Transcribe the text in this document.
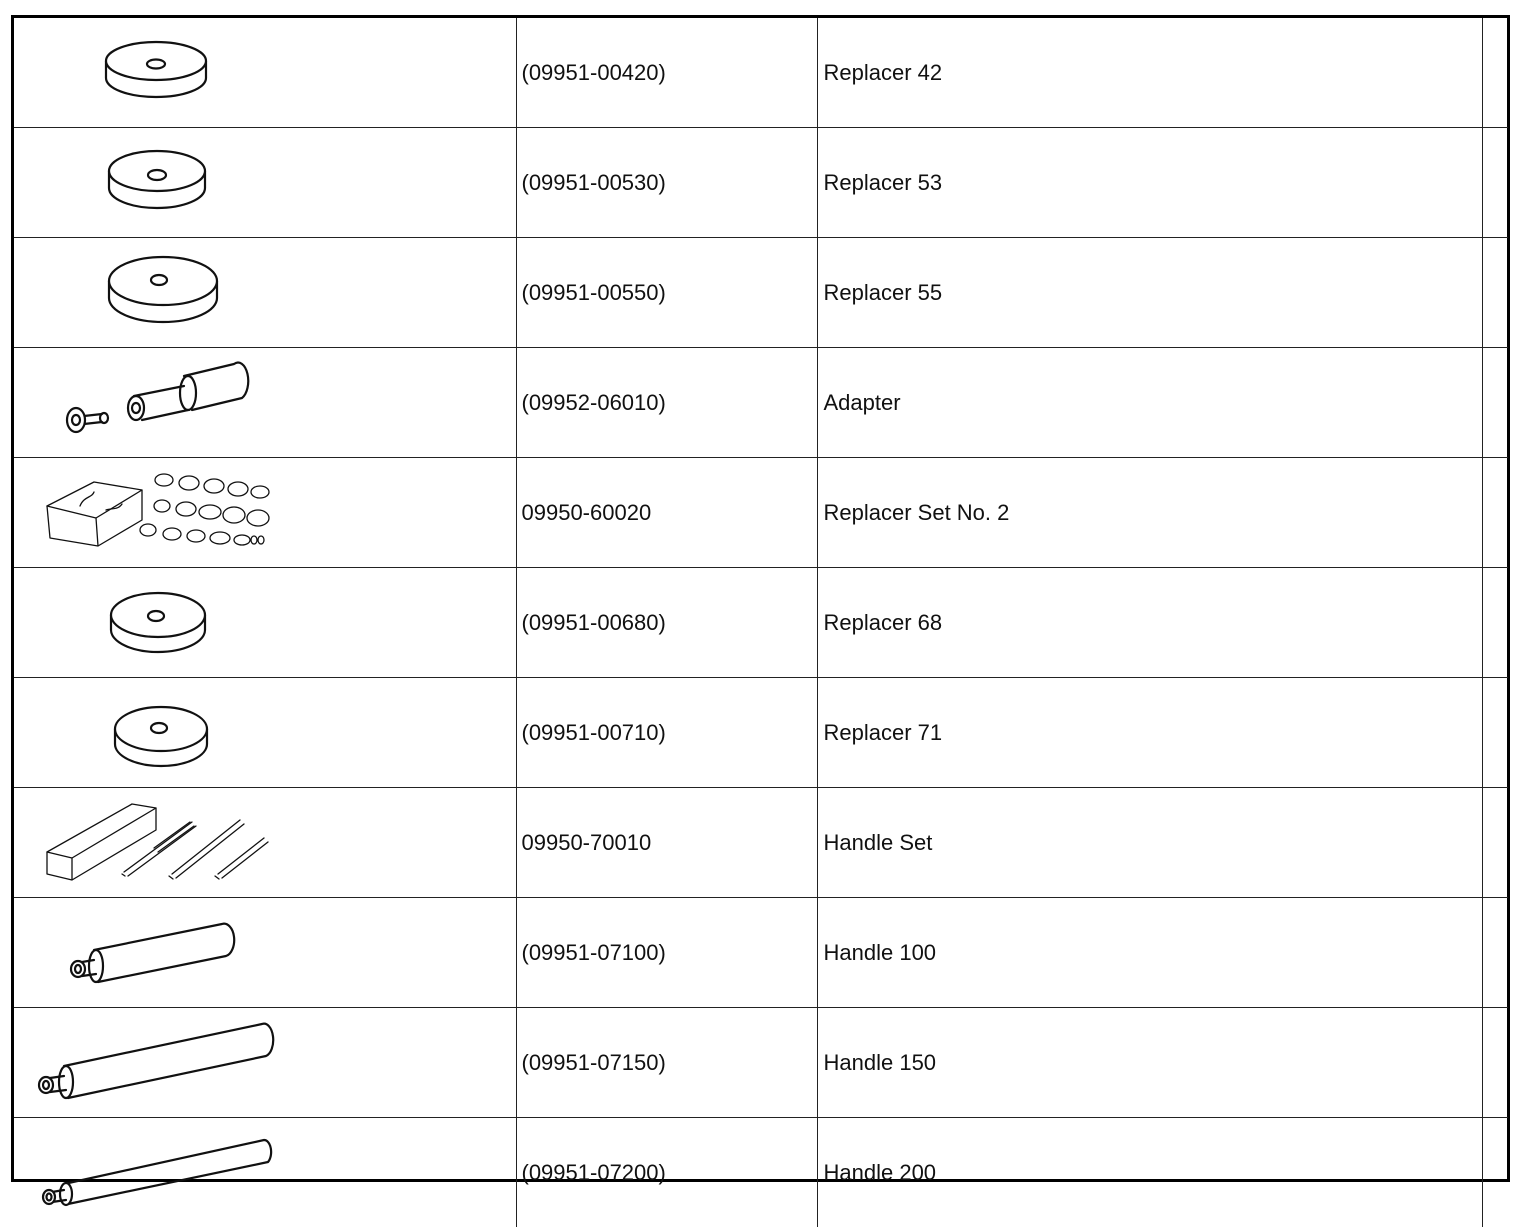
	(09951-00420)	Replacer 42	
	(09951-00530)	Replacer 53	
	(09951-00550)	Replacer 55	
	(09952-06010)	Adapter	
	09950-60020	Replacer Set No. 2	
	(09951-00680)	Replacer 68	
	(09951-00710)	Replacer 71	
	09950-70010	Handle Set	
	(09951-07100)	Handle 100	
	(09951-07150)	Handle 150	
	(09951-07200)	Handle 200	
